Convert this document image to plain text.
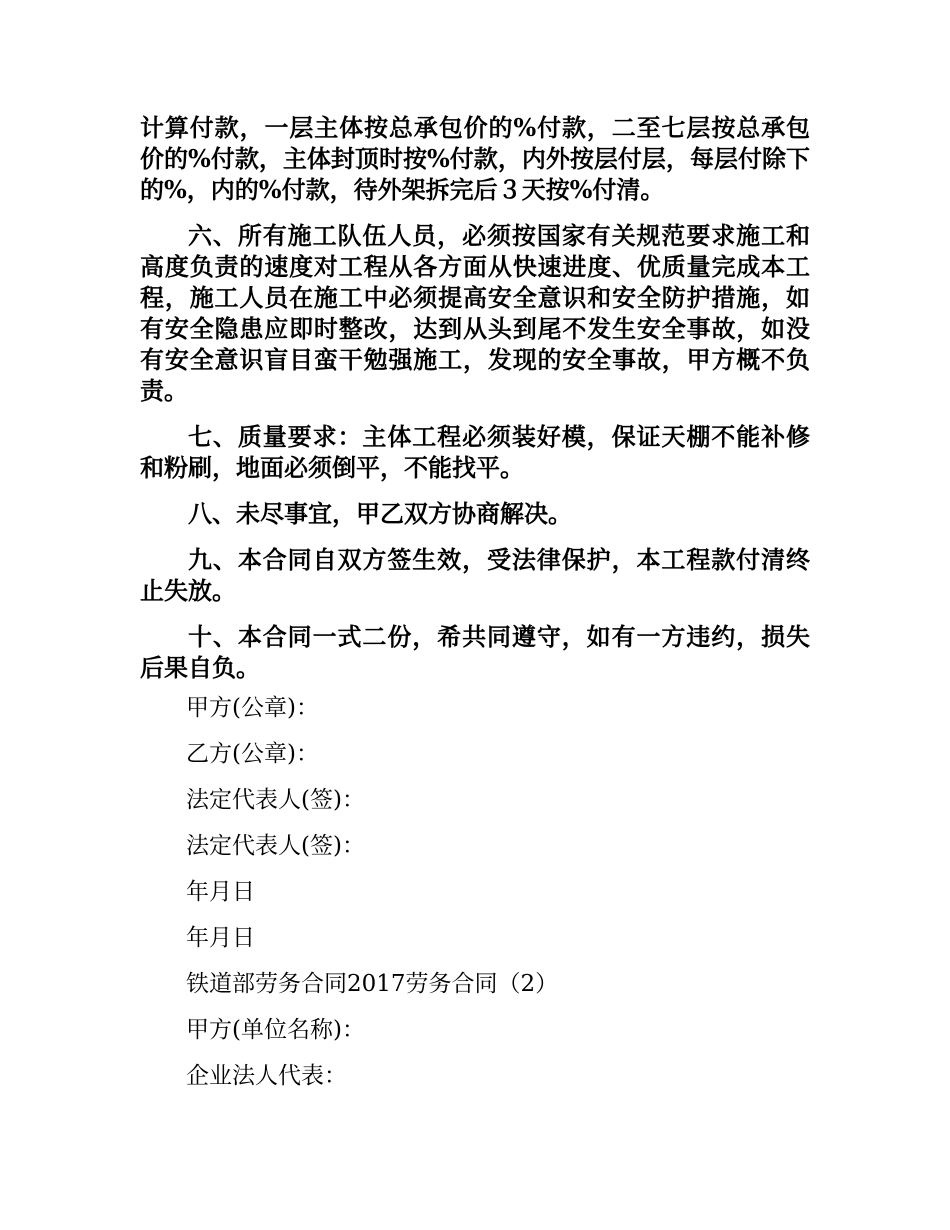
计算付款，一层主体按总承包价的%付款，二至七层按总承包价的%付款，主体封顶时按%付款，内外按层付层，每层付除下的%，内的%付款，待外架拆完后３天按%付清。

六、所有施工队伍人员，必须按国家有关规范要求施工和高度负责的速度对工程从各方面从快速进度、优质量完成本工程，施工人员在施工中必须提高安全意识和安全防护措施，如有安全隐患应即时整改，达到从头到尾不发生安全事故，如没有安全意识盲目蛮干勉强施工，发现的安全事故，甲方概不负责。

七、质量要求：主体工程必须装好模，保证天棚不能补修和粉刷，地面必须倒平，不能找平。

八、未尽事宜，甲乙双方协商解决。

九、本合同自双方签生效，受法律保护，本工程款付清终止失放。

十、本合同一式二份，希共同遵守，如有一方违约，损失后果自负。

甲方(公章)：

乙方(公章)：

法定代表人(签)：

法定代表人(签)：

年月日

年月日

铁道部劳务合同2017劳务合同（2）

甲方(单位名称)：

企业法人代表：
